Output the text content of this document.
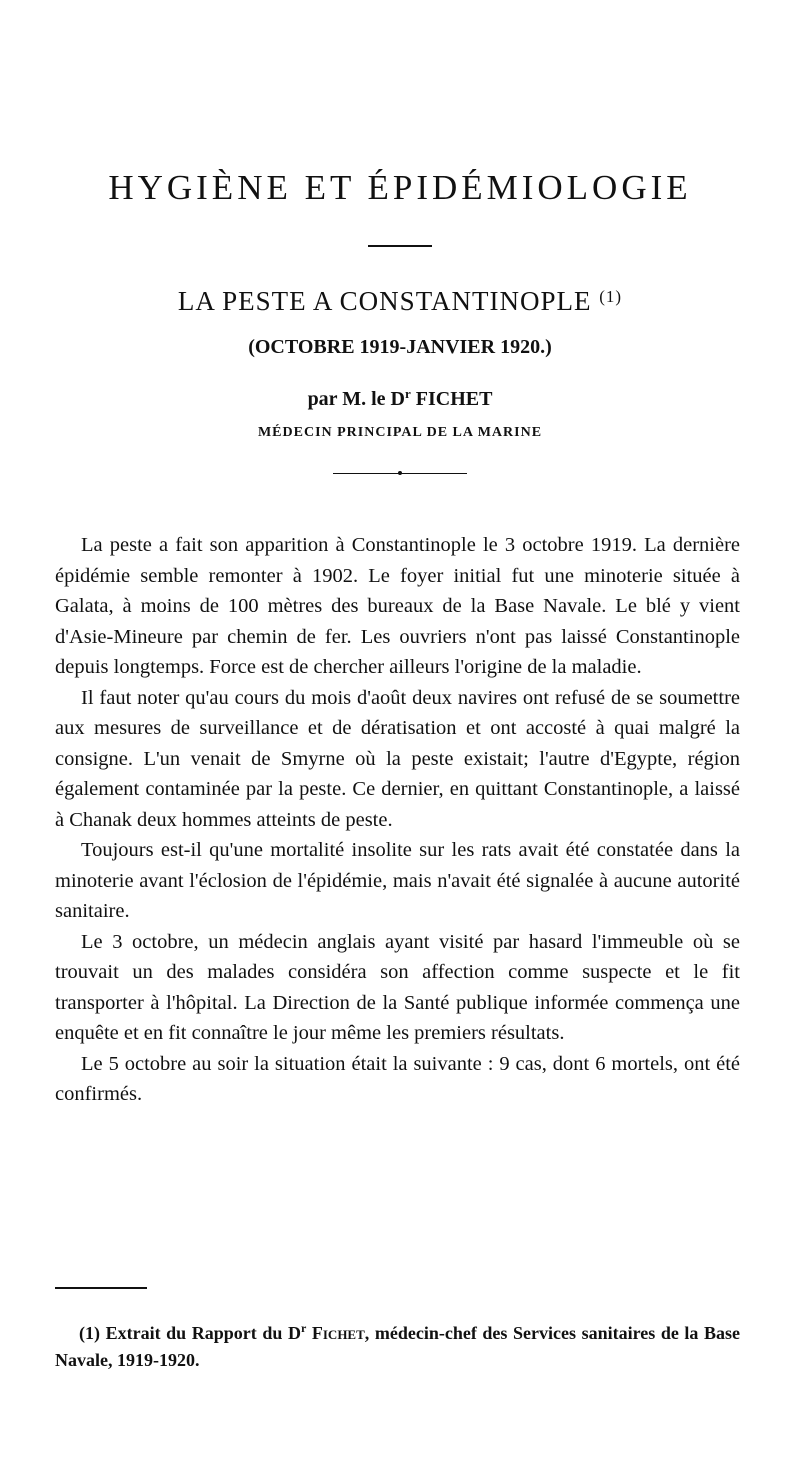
HYGIÈNE ET ÉPIDÉMIOLOGIE
LA PESTE A CONSTANTINOPLE $^{(1)}$
(OCTOBRE 1919-JANVIER 1920.)
par M. le $D^r$ FICHET
MÉDECIN PRINCIPAL DE LA MARINE

La peste a fait son apparition à Constantinople le 3 octobre 1919. La dernière épidémie semble remonter à 1902. Le foyer initial fut une minoterie située à Galata, à moins de 100 mètres des bureaux de la Base Navale. Le blé y vient d'Asie-Mineure par chemin de fer. Les ouvriers n'ont pas laissé Constantinople depuis longtemps. Force est de chercher ailleurs l'origine de la maladie.

Il faut noter qu'au cours du mois d'août deux navires ont refusé de se soumettre aux mesures de surveillance et de dératisation et ont accosté à quai malgré la consigne. L'un venait de Smyrne où la peste existait; l'autre d'Egypte, région également contaminée par la peste. Ce dernier, en quittant Constantinople, a laissé à Chanak deux hommes atteints de peste.

Toujours est-il qu'une mortalité insolite sur les rats avait été constatée dans la minoterie avant l'éclosion de l'épidémie, mais n'avait été signalée à aucune autorité sanitaire.

Le 3 octobre, un médecin anglais ayant visité par hasard l'immeuble où se trouvait un des malades considéra son affection comme suspecte et le fit transporter à l'hôpital. La Direction de la Santé publique informée commença une enquête et en fit connaître le jour même les premiers résultats.

Le 5 octobre au soir la situation était la suivante : 9 cas, dont 6 mortels, ont été confirmés.

(1) Extrait du Rapport du $D^r$ Fichet, médecin-chef des Services sanitaires de la Base Navale, 1919-1920.
